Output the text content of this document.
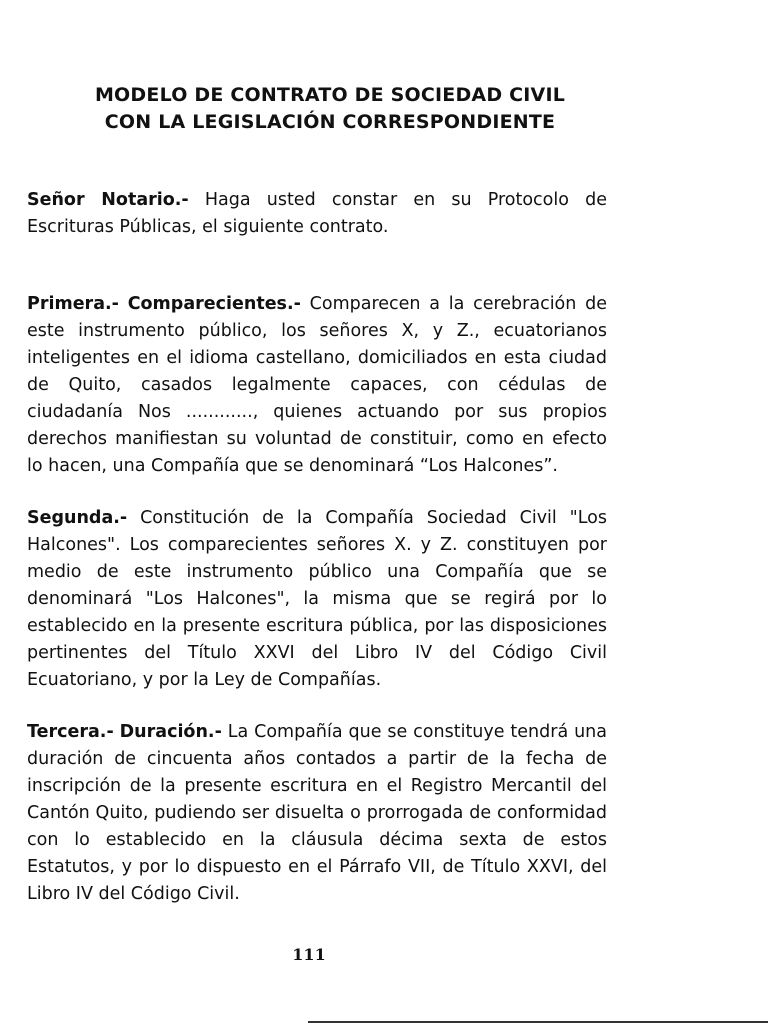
MODELO DE CONTRATO DE SOCIEDAD CIVIL
CON LA LEGISLACIÓN CORRESPONDIENTE

Señor Notario.- Haga usted constar en su Protocolo de Escrituras Públicas, el siguiente contrato.

Primera.- Comparecientes.- Comparecen a la cerebración de este instrumento público, los señores X, y Z., ecuatorianos inteligentes en el idioma castellano, domiciliados en esta ciudad de Quito, casados legalmente capaces, con cédulas de ciudadanía Nos ............, quienes actuando por sus propios derechos manifiestan su voluntad de constituir, como en efecto lo hacen, una Compañía que se denominará “Los Halcones”.

Segunda.- Constitución de la Compañía Sociedad Civil "Los Halcones". Los comparecientes señores X. y Z. constituyen por medio de este instrumento público una Compañía que se denominará "Los Halcones", la misma que se regirá por lo establecido en la presente escritura pública, por las disposiciones pertinentes del Título XXVI del Libro IV del Código Civil Ecuatoriano, y por la Ley de Compañías.

Tercera.- Duración.- La Compañía que se constituye tendrá una duración de cincuenta años contados a partir de la fecha de inscripción de la presente escritura en el Registro Mercantil del Cantón Quito, pudiendo ser disuelta o prorrogada de conformidad con lo establecido en la cláusula décima sexta de estos Estatutos, y por lo dispuesto en el Párrafo VII, de Título XXVI, del Libro IV del Código Civil.

111
